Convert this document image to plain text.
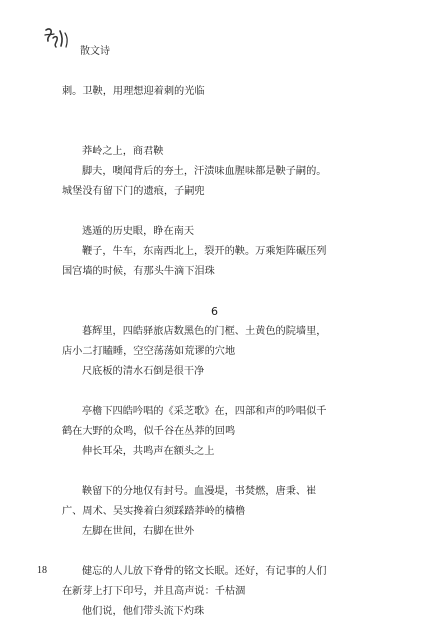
散文诗
刺。卫鞅，用理想迎着刺的光临
莽岭之上，商君鞅
脚夫，噢闻背后的夯土，汗渍味血腥味都是鞅子嗣的。
城堡没有留下门的遗痕，子嗣兜
逃遁的历史眼，睁在南天
鞭子，牛车，东南西北上，裂开的鞅。万乘矩阵碾压列
国宫墙的时候，有那头牛滴下泪珠
6
暮辉里，四皓驿旅店数黑色的门框、土黄色的院墙里，
店小二打瞌睡，空空荡荡如荒谬的穴地
尺底板的清水石倒是很干净
亭檐下四皓吟唱的《采芝歌》在，四部和声的吟唱似千
鹤在大野的众鸣，似千谷在丛莽的回鸣
伸长耳朵，共鸣声在额头之上
鞅留下的分地仅有封号。血漫堤，书焚燃，唐秉、崔
广、周术、吴实搀着白须踩踏莽岭的樯橹
左脚在世间，右脚在世外
健忘的人儿放下脊骨的铭文长眠。还好，有记事的人们
在新芽上打下印号，并且高声说：千枯涸
他们说，他们带头流下灼珠
18
